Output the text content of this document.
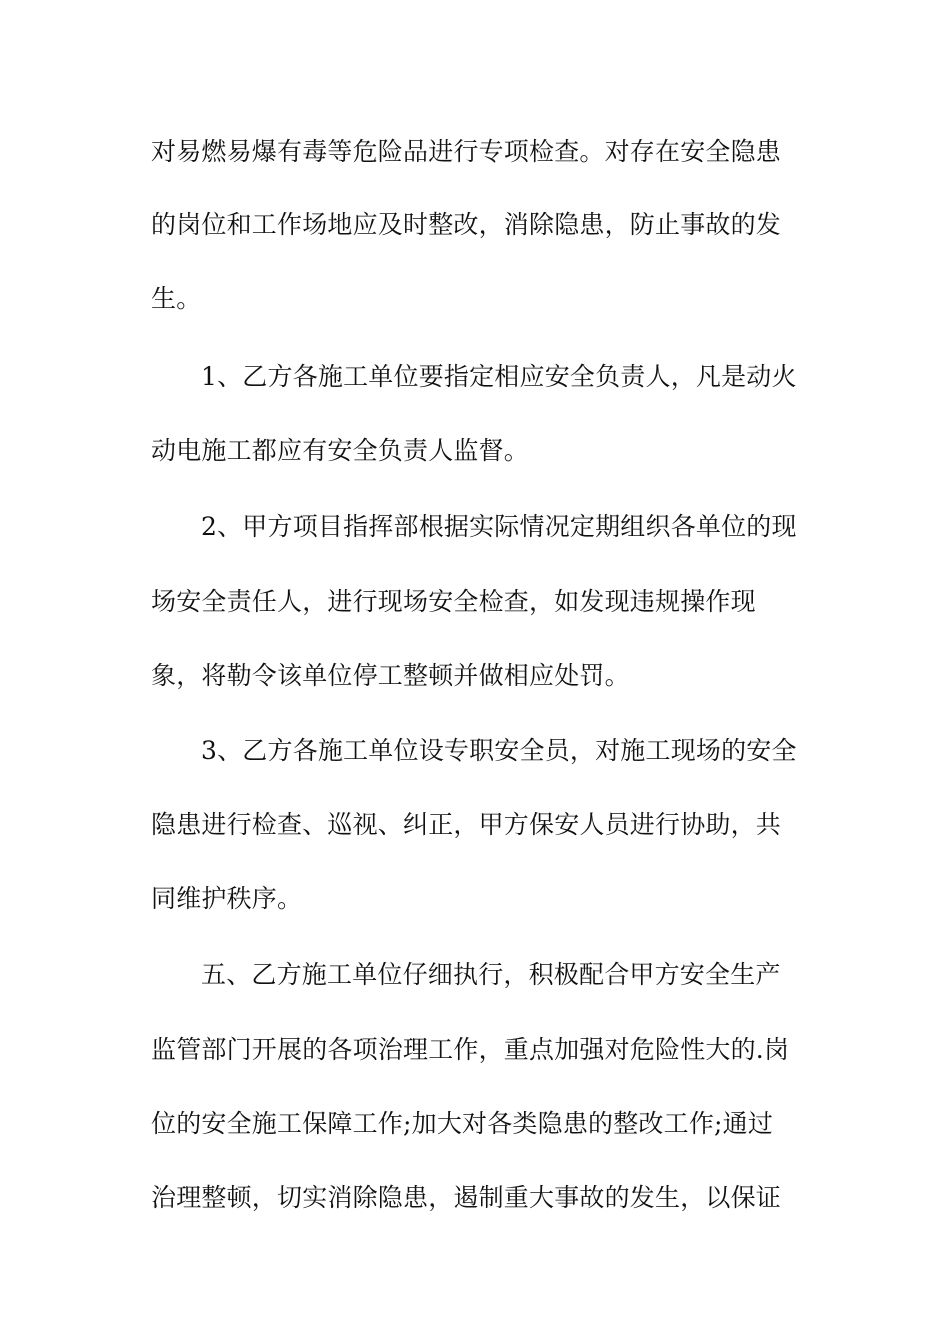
对易燃易爆有毒等危险品进行专项检查。对存在安全隐患
的岗位和工作场地应及时整改，消除隐患，防止事故的发
生。
1、乙方各施工单位要指定相应安全负责人，凡是动火
动电施工都应有安全负责人监督。
2、甲方项目指挥部根据实际情况定期组织各单位的现
场安全责任人，进行现场安全检查，如发现违规操作现
象，将勒令该单位停工整顿并做相应处罚。
3、乙方各施工单位设专职安全员，对施工现场的安全
隐患进行检查、巡视、纠正，甲方保安人员进行协助，共
同维护秩序。
五、乙方施工单位仔细执行，积极配合甲方安全生产
监管部门开展的各项治理工作，重点加强对危险性大的.岗
位的安全施工保障工作;加大对各类隐患的整改工作;通过
治理整顿，切实消除隐患，遏制重大事故的发生，以保证
